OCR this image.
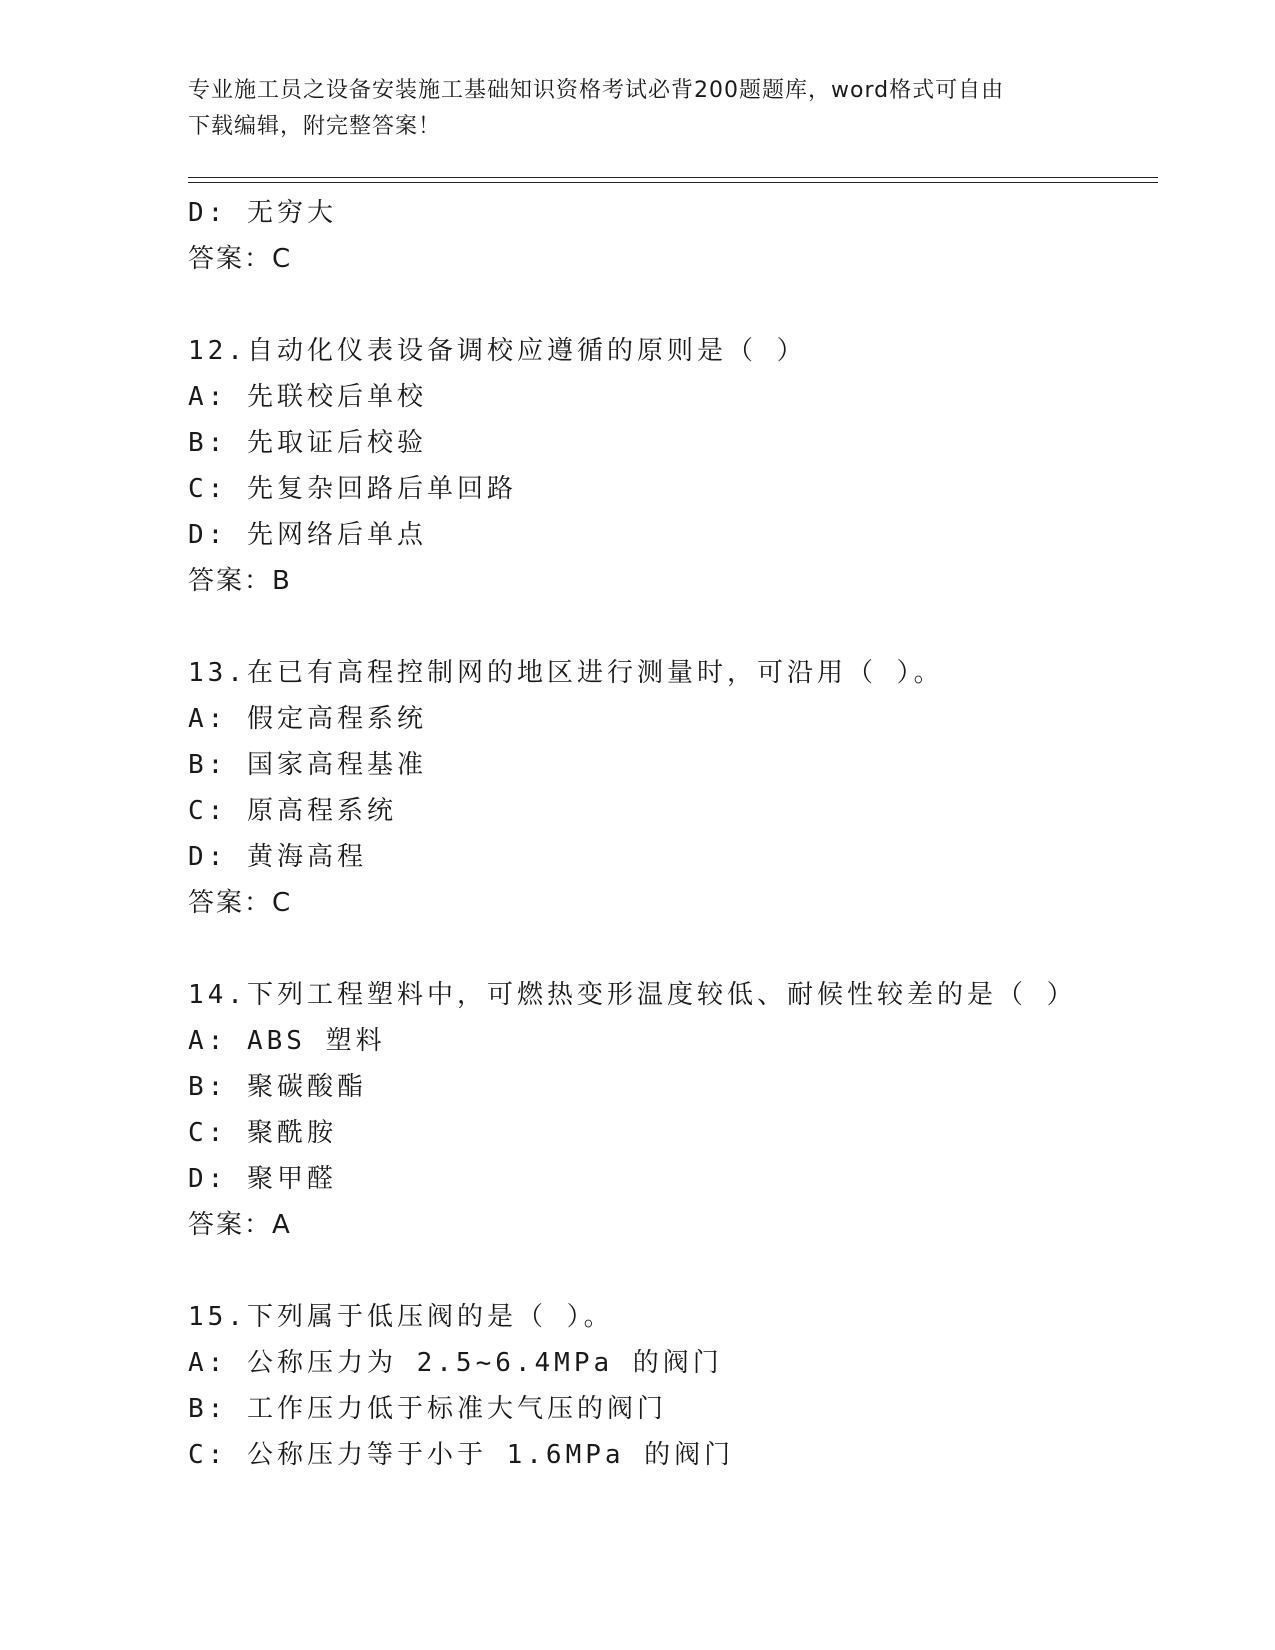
专业施工员之设备安装施工基础知识资格考试必背200题题库，word格式可自由
下载编辑，附完整答案！
D: 无穷大
答案：C
12.自动化仪表设备调校应遵循的原则是（ ）
A: 先联校后单校
B: 先取证后校验
C: 先复杂回路后单回路
D: 先网络后单点
答案：B
13.在已有高程控制网的地区进行测量时，可沿用（ ）。
A: 假定高程系统
B: 国家高程基准
C: 原高程系统
D: 黄海高程
答案：C
14.下列工程塑料中，可燃热变形温度较低、耐候性较差的是（ ）
A: ABS 塑料
B: 聚碳酸酯
C: 聚酰胺
D: 聚甲醛
答案：A
15.下列属于低压阀的是（ ）。
A: 公称压力为 2.5~6.4MPa 的阀门
B: 工作压力低于标准大气压的阀门
C: 公称压力等于小于 1.6MPa 的阀门
